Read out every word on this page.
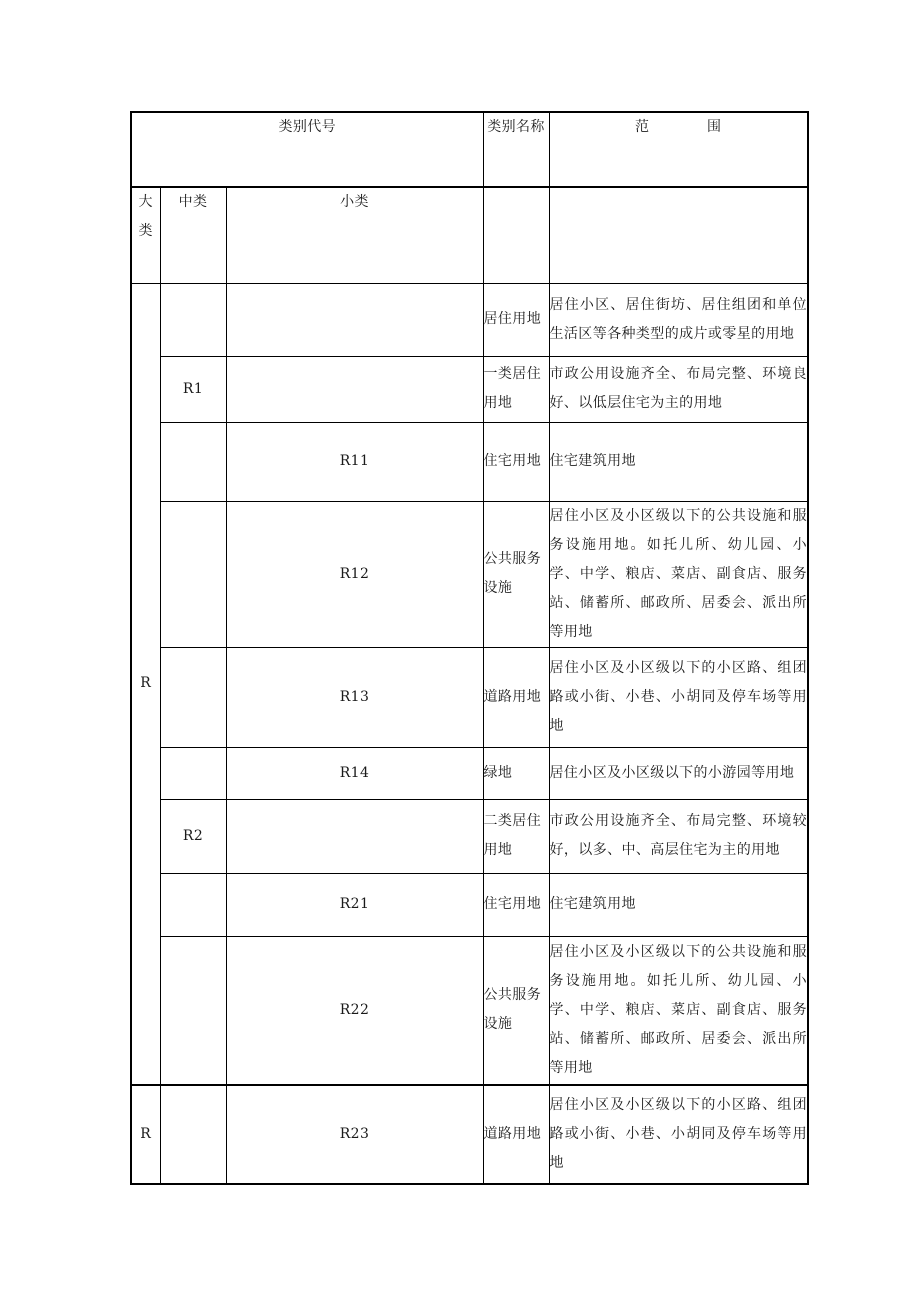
类别代号			类别名称	范　　　　围
大类	中类	小类		
R			居住用地	居住小区、居住街坊、居住组团和单位生活区等各种类型的成片或零星的用地
	R1		一类居住用地	市政公用设施齐全、布局完整、环境良好、以低层住宅为主的用地
		R11	住宅用地	住宅建筑用地
		R12	公共服务设施	居住小区及小区级以下的公共设施和服务设施用地。如托儿所、幼儿园、小学、中学、粮店、菜店、副食店、服务站、储蓄所、邮政所、居委会、派出所等用地
		R13	道路用地	居住小区及小区级以下的小区路、组团路或小街、小巷、小胡同及停车场等用地
		R14	绿地	居住小区及小区级以下的小游园等用地
	R2		二类居住用地	市政公用设施齐全、布局完整、环境较好，以多、中、高层住宅为主的用地
		R21	住宅用地	住宅建筑用地
		R22	公共服务设施	居住小区及小区级以下的公共设施和服务设施用地。如托儿所、幼儿园、小学、中学、粮店、菜店、副食店、服务站、储蓄所、邮政所、居委会、派出所等用地
R		R23	道路用地	居住小区及小区级以下的小区路、组团路或小街、小巷、小胡同及停车场等用地
